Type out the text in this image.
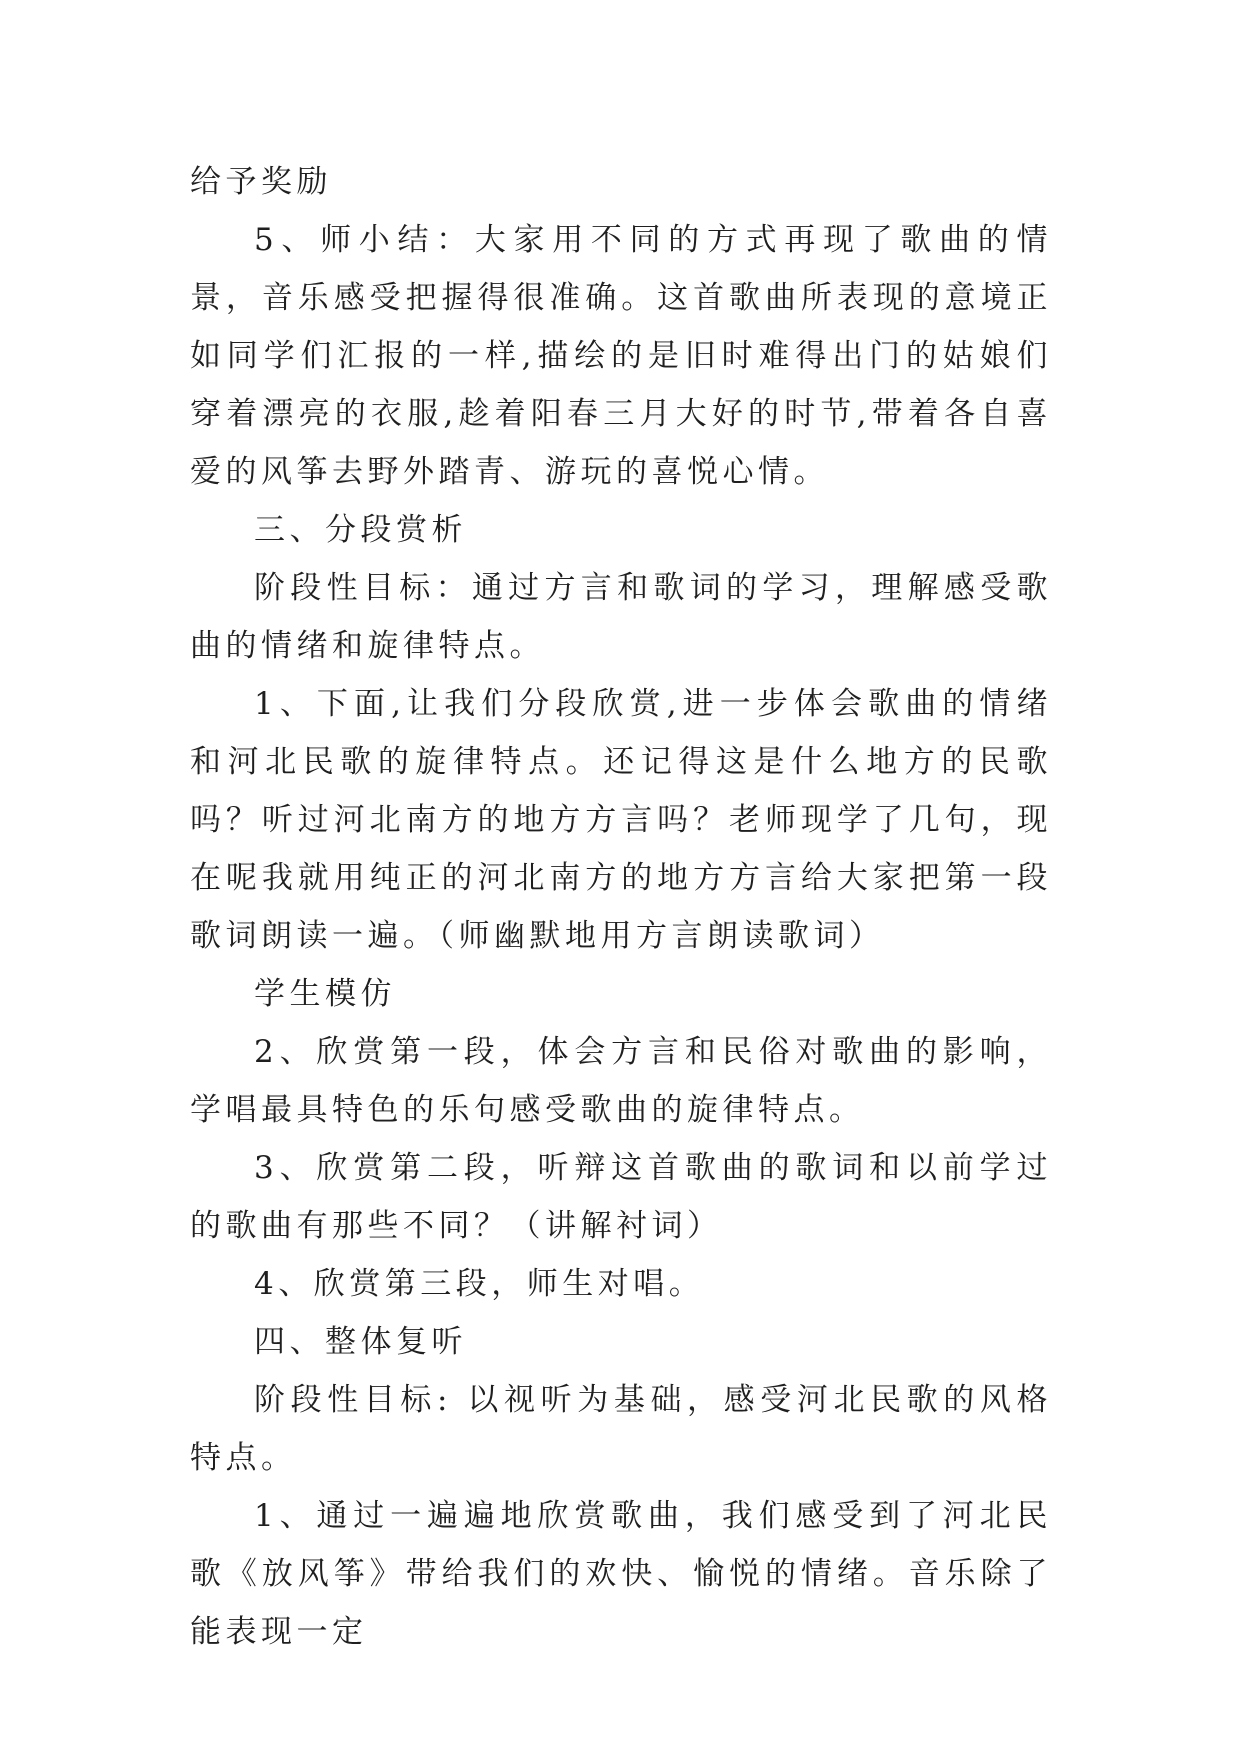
给予奖励

5、师小结：大家用不同的方式再现了歌曲的情景，音乐感受把握得很准确。这首歌曲所表现的意境正如同学们汇报的一样,描绘的是旧时难得出门的姑娘们穿着漂亮的衣服,趁着阳春三月大好的时节,带着各自喜爱的风筝去野外踏青、游玩的喜悦心情。

三、分段赏析

阶段性目标：通过方言和歌词的学习，理解感受歌曲的情绪和旋律特点。

1、下面,让我们分段欣赏,进一步体会歌曲的情绪和河北民歌的旋律特点。还记得这是什么地方的民歌吗？听过河北南方的地方方言吗？老师现学了几句，现在呢我就用纯正的河北南方的地方方言给大家把第一段歌词朗读一遍。（师幽默地用方言朗读歌词）

学生模仿

2、欣赏第一段，体会方言和民俗对歌曲的影响，学唱最具特色的乐句感受歌曲的旋律特点。

3、欣赏第二段，听辩这首歌曲的歌词和以前学过的歌曲有那些不同？（讲解衬词）

4、欣赏第三段，师生对唱。

四、整体复听

阶段性目标: 以视听为基础，感受河北民歌的风格特点。

1、通过一遍遍地欣赏歌曲，我们感受到了河北民歌《放风筝》带给我们的欢快、愉悦的情绪。音乐除了能表现一定
